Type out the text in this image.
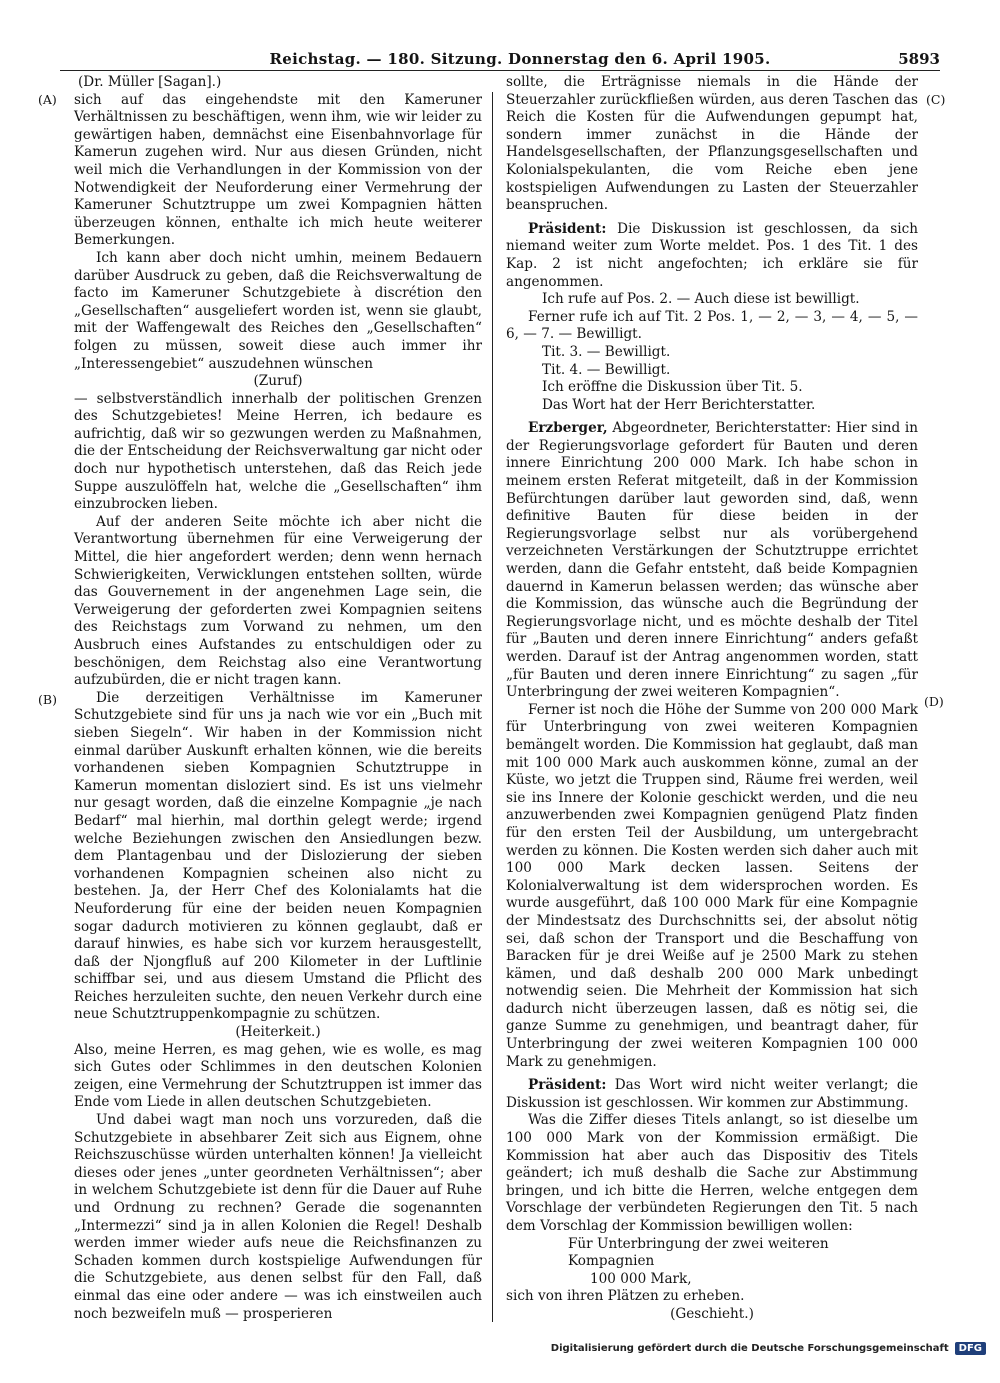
Reichstag. — 180. Sitzung. Donnerstag den 6. April 1905.	5893
(A)
(B)
(C)
(D)

(Dr. Müller [Sagan].)

sich auf das eingehendste mit den Kameruner Verhältnissen zu beschäftigen, wenn ihm, wie wir leider zu gewärtigen haben, demnächst eine Eisenbahnvorlage für Kamerun zugehen wird. Nur aus diesen Gründen, nicht weil mich die Verhandlungen in der Kommission von der Notwendigkeit der Neuforderung einer Vermehrung der Kameruner Schutztruppe um zwei Kompagnien hätten überzeugen können, enthalte ich mich heute weiterer Bemerkungen.

Ich kann aber doch nicht umhin, meinem Bedauern darüber Ausdruck zu geben, daß die Reichsverwaltung de facto im Kameruner Schutzgebiete à discrétion den „Gesellschaften“ ausgeliefert worden ist, wenn sie glaubt, mit der Waffengewalt des Reiches den „Gesellschaften“ folgen zu müssen, soweit diese auch immer ihr „Interessengebiet“ auszudehnen wünschen

(Zuruf)

— selbstverständlich innerhalb der politischen Grenzen des Schutzgebietes! Meine Herren, ich bedaure es aufrichtig, daß wir so gezwungen werden zu Maßnahmen, die der Entscheidung der Reichsverwaltung gar nicht oder doch nur hypothetisch unterstehen, daß das Reich jede Suppe auszulöffeln hat, welche die „Gesellschaften“ ihm einzubrocken lieben.

Auf der anderen Seite möchte ich aber nicht die Verantwortung übernehmen für eine Verweigerung der Mittel, die hier angefordert werden; denn wenn hernach Schwierigkeiten, Verwicklungen entstehen sollten, würde das Gouvernement in der angenehmen Lage sein, die Verweigerung der geforderten zwei Kompagnien seitens des Reichstags zum Vorwand zu nehmen, um den Ausbruch eines Aufstandes zu entschuldigen oder zu beschönigen, dem Reichstag also eine Verantwortung aufzubürden, die er nicht tragen kann.

Die derzeitigen Verhältnisse im Kameruner Schutzgebiete sind für uns ja nach wie vor ein „Buch mit sieben Siegeln“. Wir haben in der Kommission nicht einmal darüber Auskunft erhalten können, wie die bereits vorhandenen sieben Kompagnien Schutztruppe in Kamerun momentan disloziert sind. Es ist uns vielmehr nur gesagt worden, daß die einzelne Kompagnie „je nach Bedarf“ mal hierhin, mal dorthin gelegt werde; irgend welche Beziehungen zwischen den Ansiedlungen bezw. dem Plantagenbau und der Dislozierung der sieben vorhandenen Kompagnien scheinen also nicht zu bestehen. Ja, der Herr Chef des Kolonialamts hat die Neuforderung für eine der beiden neuen Kompagnien sogar dadurch motivieren zu können geglaubt, daß er darauf hinwies, es habe sich vor kurzem herausgestellt, daß der Njongfluß auf 200 Kilometer in der Luftlinie schiffbar sei, und aus diesem Umstand die Pflicht des Reiches herzuleiten suchte, den neuen Verkehr durch eine neue Schutztruppenkompagnie zu schützen.

(Heiterkeit.)

Also, meine Herren, es mag gehen, wie es wolle, es mag sich Gutes oder Schlimmes in den deutschen Kolonien zeigen, eine Vermehrung der Schutztruppen ist immer das Ende vom Liede in allen deutschen Schutzgebieten.

Und dabei wagt man noch uns vorzureden, daß die Schutzgebiete in absehbarer Zeit sich aus Eignem, ohne Reichszuschüsse würden unterhalten können! Ja vielleicht dieses oder jenes „unter geordneten Verhältnissen“; aber in welchem Schutzgebiete ist denn für die Dauer auf Ruhe und Ordnung zu rechnen? Gerade die sogenannten „Intermezzi“ sind ja in allen Kolonien die Regel! Deshalb werden immer wieder aufs neue die Reichsfinanzen zu Schaden kommen durch kostspielige Aufwendungen für die Schutzgebiete, aus denen selbst für den Fall, daß einmal das eine oder andere — was ich einstweilen auch noch bezweifeln muß — prosperieren

sollte, die Erträgnisse niemals in die Hände der Steuerzahler zurückfließen würden, aus deren Taschen das Reich die Kosten für die Aufwendungen gepumpt hat, sondern immer zunächst in die Hände der Handelsgesellschaften, der Pflanzungsgesellschaften und Kolonialspekulanten, die vom Reiche eben jene kostspieligen Aufwendungen zu Lasten der Steuerzahler beanspruchen.

Präsident: Die Diskussion ist geschlossen, da sich niemand weiter zum Worte meldet. Pos. 1 des Tit. 1 des Kap. 2 ist nicht angefochten; ich erkläre sie für angenommen.

Ich rufe auf Pos. 2. — Auch diese ist bewilligt.

Ferner rufe ich auf Tit. 2 Pos. 1, — 2, — 3, — 4, — 5, — 6, — 7. — Bewilligt.

Tit. 3. — Bewilligt.

Tit. 4. — Bewilligt.

Ich eröffne die Diskussion über Tit. 5.

Das Wort hat der Herr Berichterstatter.

Erzberger, Abgeordneter, Berichterstatter: Hier sind in der Regierungsvorlage gefordert für Bauten und deren innere Einrichtung 200 000 Mark. Ich habe schon in meinem ersten Referat mitgeteilt, daß in der Kommission Befürchtungen darüber laut geworden sind, daß, wenn definitive Bauten für diese beiden in der Regierungsvorlage selbst nur als vorübergehend verzeichneten Verstärkungen der Schutztruppe errichtet werden, dann die Gefahr entsteht, daß beide Kompagnien dauernd in Kamerun belassen werden; das wünsche aber die Kommission, das wünsche auch die Begründung der Regierungsvorlage nicht, und es möchte deshalb der Titel für „Bauten und deren innere Einrichtung“ anders gefaßt werden. Darauf ist der Antrag angenommen worden, statt „für Bauten und deren innere Einrichtung“ zu sagen „für Unterbringung der zwei weiteren Kompagnien“.

Ferner ist noch die Höhe der Summe von 200 000 Mark für Unterbringung von zwei weiteren Kompagnien bemängelt worden. Die Kommission hat geglaubt, daß man mit 100 000 Mark auch auskommen könne, zumal an der Küste, wo jetzt die Truppen sind, Räume frei werden, weil sie ins Innere der Kolonie geschickt werden, und die neu anzuwerbenden zwei Kompagnien genügend Platz finden für den ersten Teil der Ausbildung, um untergebracht werden zu können. Die Kosten werden sich daher auch mit 100 000 Mark decken lassen. Seitens der Kolonialverwaltung ist dem widersprochen worden. Es wurde ausgeführt, daß 100 000 Mark für eine Kompagnie der Mindestsatz des Durchschnitts sei, der absolut nötig sei, daß schon der Transport und die Beschaffung von Baracken für je drei Weiße auf je 2500 Mark zu stehen kämen, und daß deshalb 200 000 Mark unbedingt notwendig seien. Die Mehrheit der Kommission hat sich dadurch nicht überzeugen lassen, daß es nötig sei, die ganze Summe zu genehmigen, und beantragt daher, für Unterbringung der zwei weiteren Kompagnien 100 000 Mark zu genehmigen.

Präsident: Das Wort wird nicht weiter verlangt; die Diskussion ist geschlossen. Wir kommen zur Abstimmung.

Was die Ziffer dieses Titels anlangt, so ist dieselbe um 100 000 Mark von der Kommission ermäßigt. Die Kommission hat aber auch das Dispositiv des Titels geändert; ich muß deshalb die Sache zur Abstimmung bringen, und ich bitte die Herren, welche entgegen dem Vorschlage der verbündeten Regierungen den Tit. 5 nach dem Vorschlag der Kommission bewilligen wollen:

Für Unterbringung der zwei weiteren Kompagnien

100 000 Mark,

sich von ihren Plätzen zu erheben.

(Geschieht.)

Digitalisierung gefördert durch die Deutsche Forschungsgemeinschaft	DFG
